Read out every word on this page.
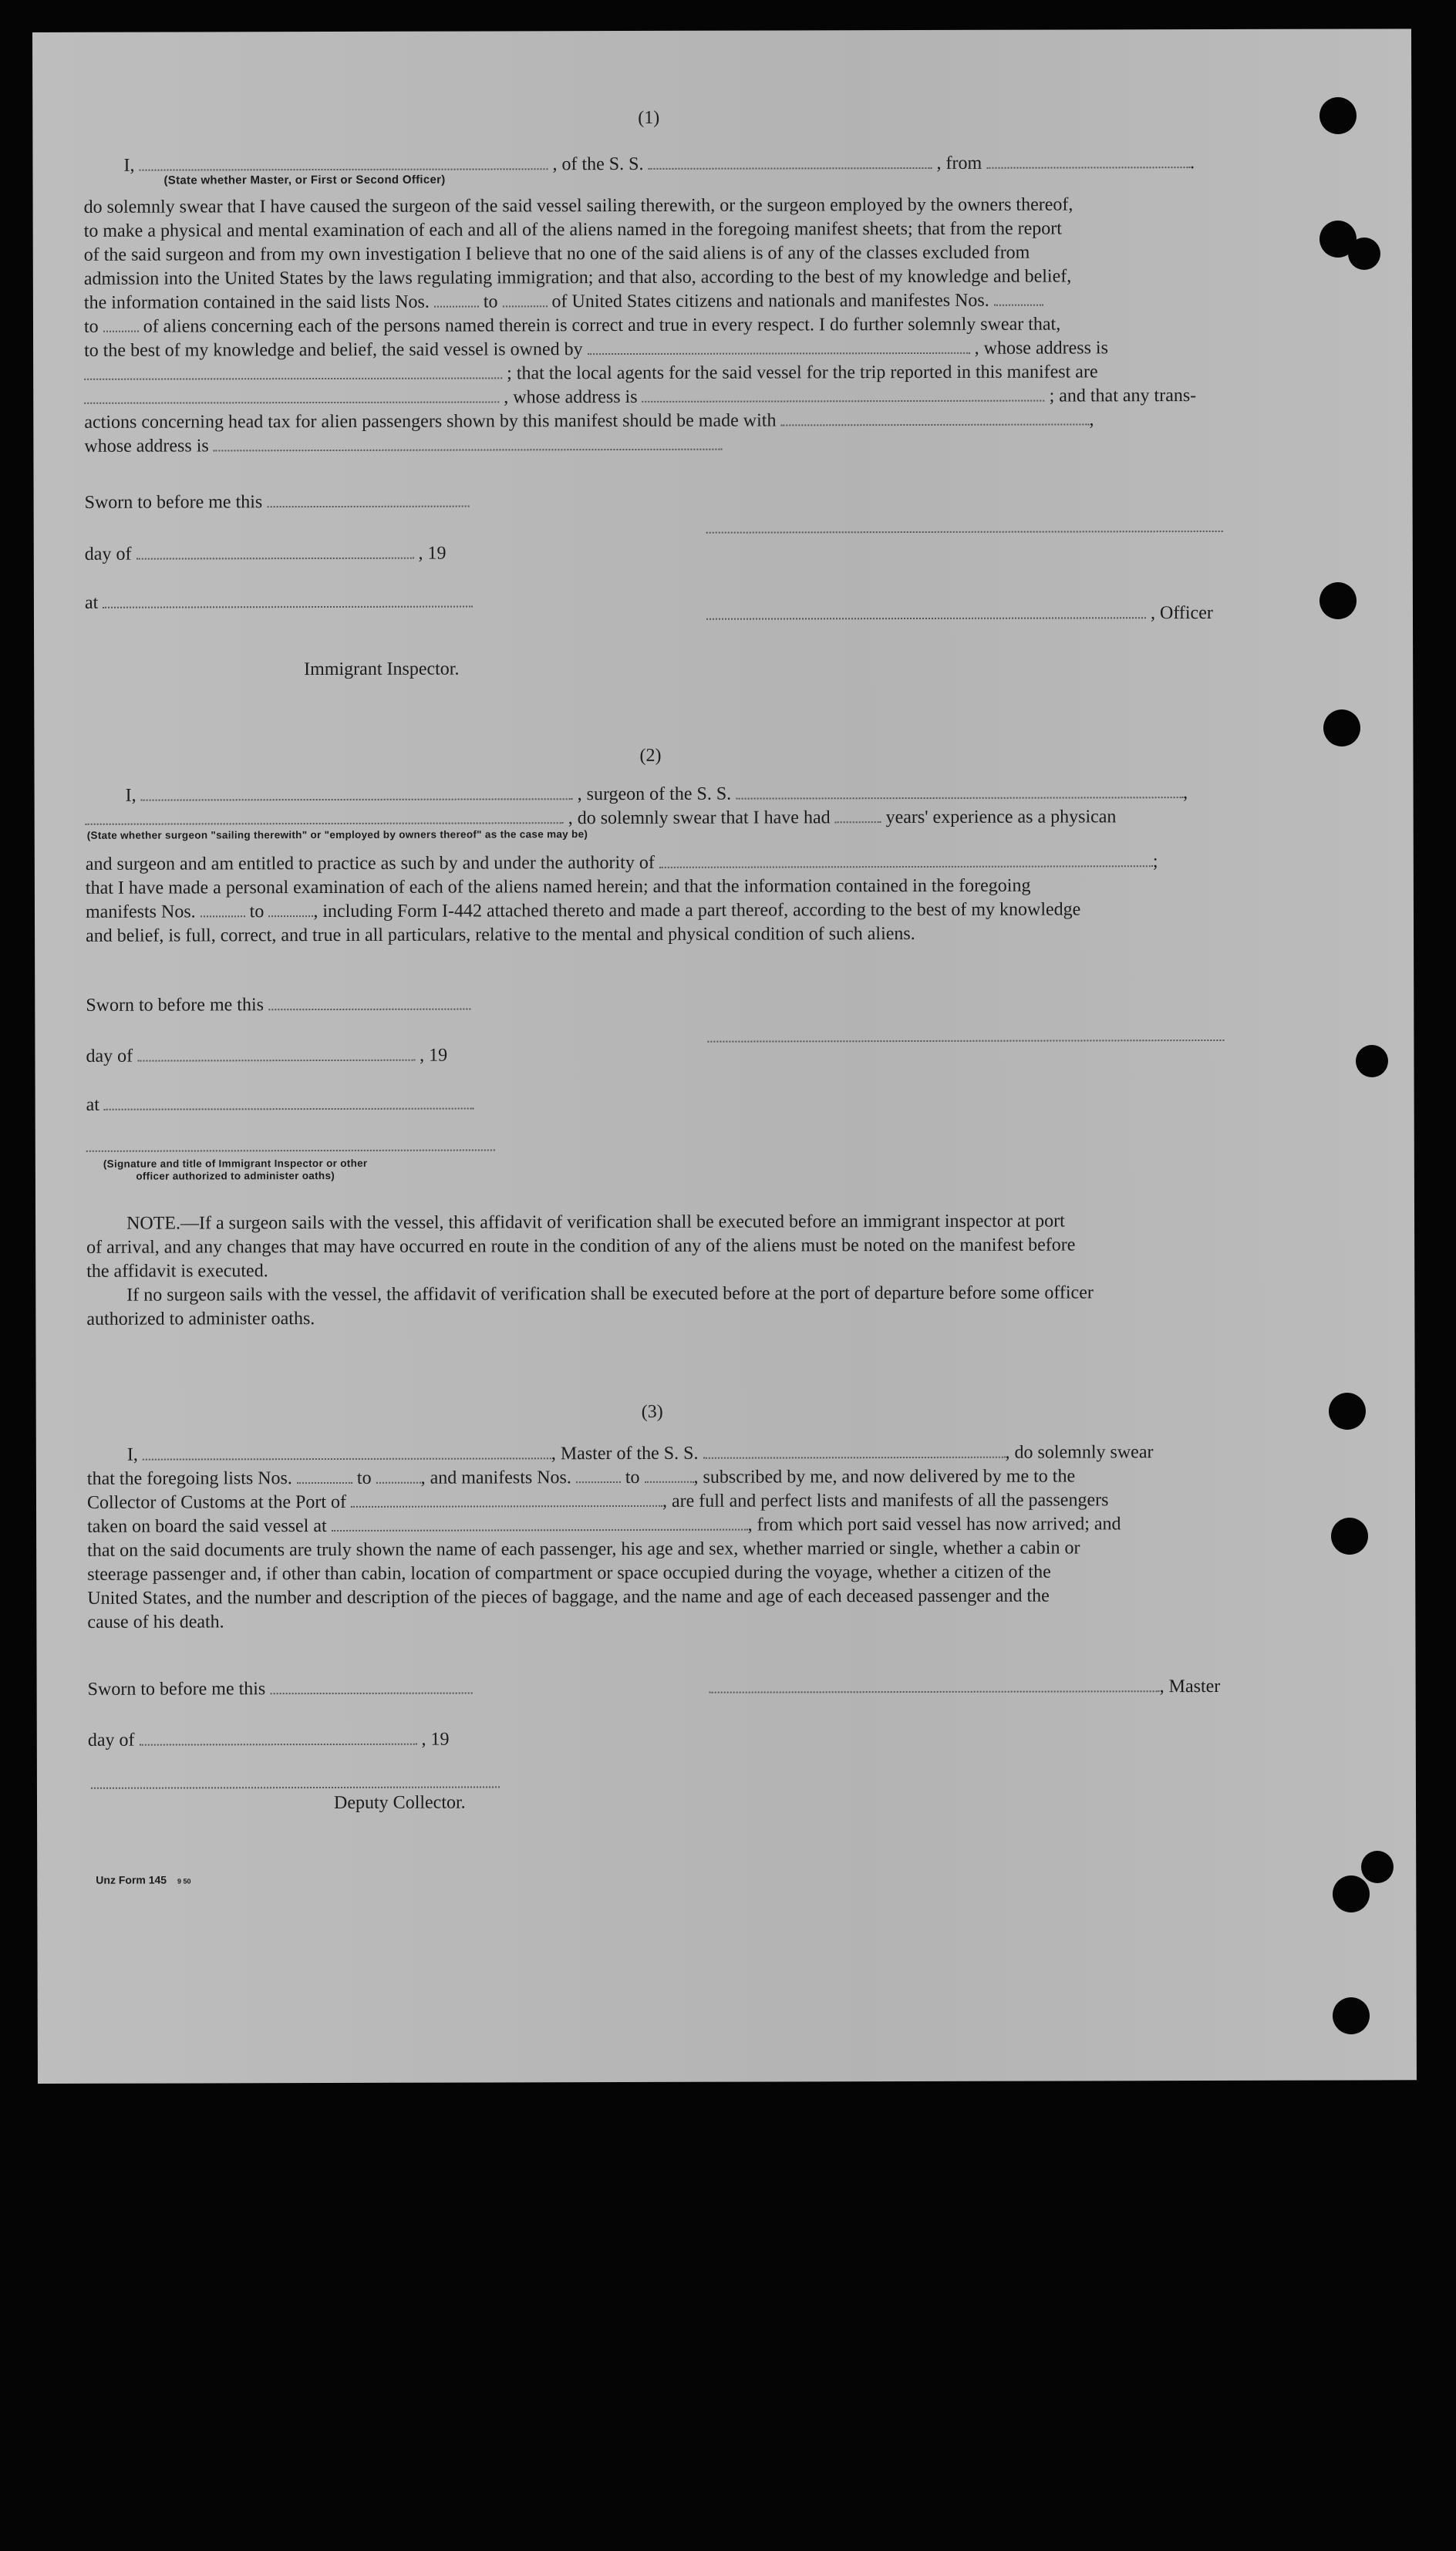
(1)
I,	, of the S. S.	, from	.
(State whether Master, or First or Second Officer)

do solemnly swear that I have caused the surgeon of the said vessel sailing therewith, or the surgeon employed by the owners thereof,

to make a physical and mental examination of each and all of the aliens named in the foregoing manifest sheets; that from the report

of the said surgeon and from my own investigation I believe that no one of the said aliens is of any of the classes excluded from

admission into the United States by the laws regulating immigration; and that also, according to the best of my knowledge and belief,

the information contained in the said lists Nos.	to	of United States citizens and nationals and manifestes Nos.
to of aliens concerning each of the persons named therein is correct and true in every respect. I do further solemnly swear that,
to the best of my knowledge and belief, the said vessel is owned by	, whose address is
; that the local agents for the said vessel for the trip reported in this manifest are
, whose address is	; and that any trans-
actions concerning head tax for alien passengers shown by this manifest should be made with	,
whose address is
Sworn to before me this
day of	, 19
at
, Officer
Immigrant Inspector.
(2)
I,	, surgeon of the S. S.	,
, do solemnly swear that I have had	years' experience as a physican
(State whether surgeon "sailing therewith" or "employed by owners thereof" as the case may be)
and surgeon and am entitled to practice as such by and under the authority of	;

that I have made a personal examination of each of the aliens named herein; and that the information contained in the foregoing

manifests Nos.	to	, including Form I-442 attached thereto and made a part thereof, according to the best of my knowledge
and belief, is full, correct, and true in all particulars, relative to the mental and physical condition of such aliens.
Sworn to before me this
day of	, 19
at
(Signature and title of Immigrant Inspector or other
officer authorized to administer oaths)

NOTE.—If a surgeon sails with the vessel, this affidavit of verification shall be executed before an immigrant inspector at port

of arrival, and any changes that may have occurred en route in the condition of any of the aliens must be noted on the manifest before

the affidavit is executed.

If no surgeon sails with the vessel, the affidavit of verification shall be executed before at the port of departure before some officer

authorized to administer oaths.

(3)
I,	, Master of the S. S.	, do solemnly swear
that the foregoing lists Nos.	to	, and manifests Nos.	to	, subscribed by me, and now delivered by me to the
Collector of Customs at the Port of	, are full and perfect lists and manifests of all the passengers
taken on board the said vessel at	, from which port said vessel has now arrived; and

that on the said documents are truly shown the name of each passenger, his age and sex, whether married or single, whether a cabin or

steerage passenger and, if other than cabin, location of compartment or space occupied during the voyage, whether a citizen of the

United States, and the number and description of the pieces of baggage, and the name and age of each deceased passenger and the

cause of his death.

Sworn to before me this	, Master
day of	, 19
Deputy Collector.
Unz Form 145 9 50
